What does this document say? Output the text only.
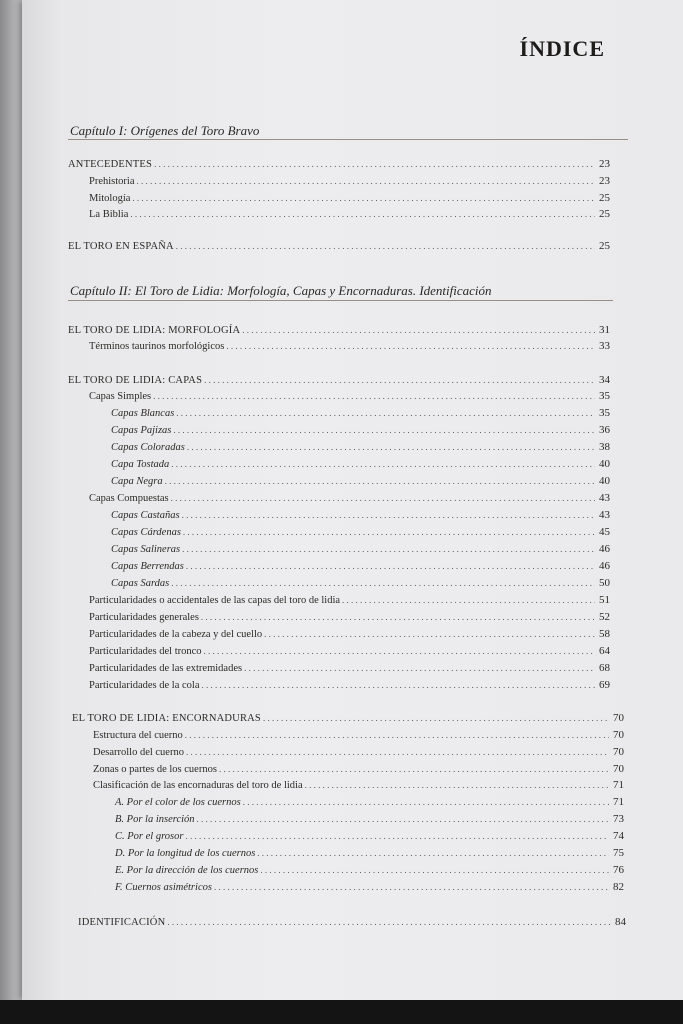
ÍNDICE
Capítulo I: Orígenes del Toro Bravo
Capítulo II: El Toro de Lidia: Morfología, Capas y Encornaduras. Identificación
ANTECEDENTES . . .	23
Prehistoria . . .	23
Mitología . . .	25
La Biblia . . .	25
EL TORO EN ESPAÑA . . .	25
EL TORO DE LIDIA: MORFOLOGÍA . . .	31
Términos taurinos morfológicos . . .	33
EL TORO DE LIDIA: CAPAS . . .	34
Capas Simples . . .	35
Capas Blancas . . .	35
Capas Pajizas . . .	36
Capas Coloradas . . .	38
Capa Tostada . . .	40
Capa Negra . . .	40
Capas Compuestas . . .	43
Capas Castañas . . .	43
Capas Cárdenas . . .	45
Capas Salineras . . .	46
Capas Berrendas . . .	46
Capas Sardas . . .	50
Particularidades o accidentales de las capas del toro de lidia . . .	51
Particularidades generales . . .	52
Particularidades de la cabeza y del cuello . . .	58
Particularidades del tronco . . .	64
Particularidades de las extremidades . . .	68
Particularidades de la cola . . .	69
EL TORO DE LIDIA: ENCORNADURAS . . .	70
Estructura del cuerno . . .	70
Desarrollo del cuerno . . .	70
Zonas o partes de los cuernos . . .	70
Clasificación de las encornaduras del toro de lidia . . .	71
A. Por el color de los cuernos . . .	71
B. Por la inserción . . .	73
C. Por el grosor . . .	74
D. Por la longitud de los cuernos . . .	75
E. Por la dirección de los cuernos . . .	76
F. Cuernos asimétricos . . .	82
IDENTIFICACIÓN . . .	84
